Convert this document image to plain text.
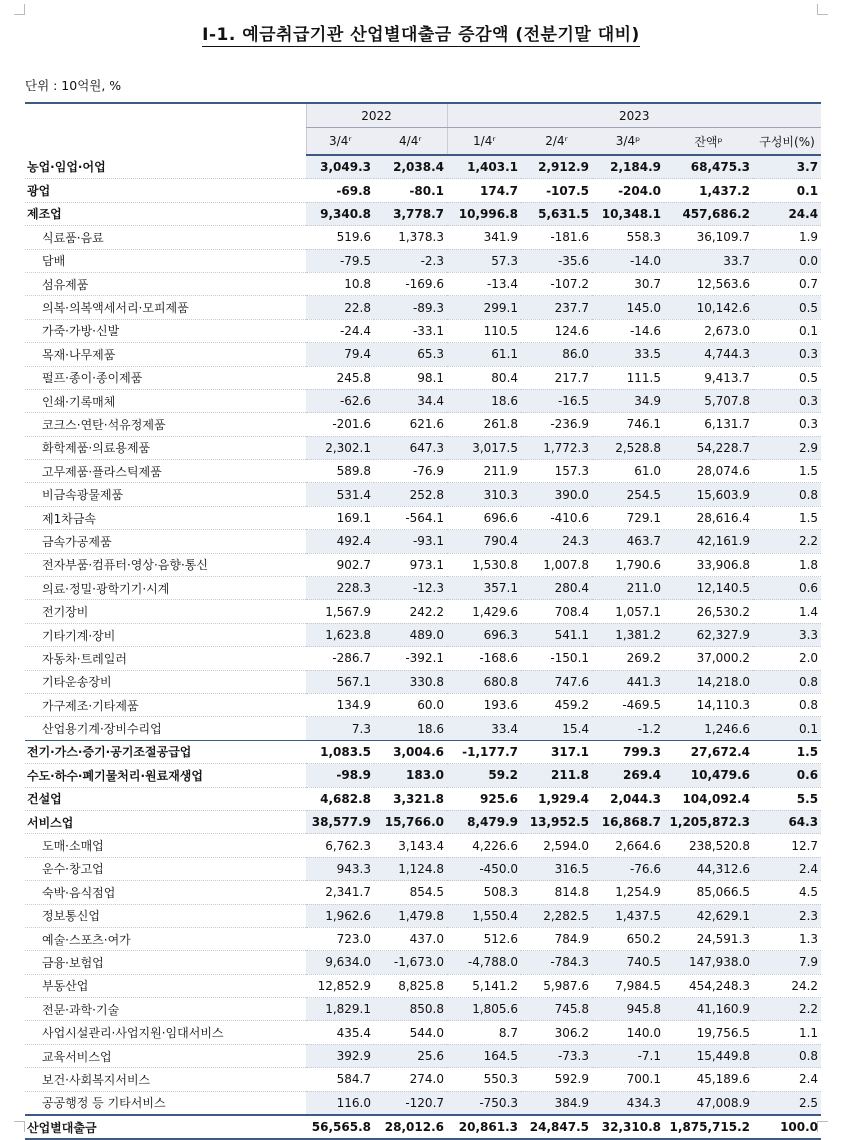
Ⅰ-1. 예금취급기관 산업별대출금 증감액 (전분기말 대비)
단위 : 10억원, %
	2022		2023				
	3/4ʳ	4/4ʳ	1/4ʳ	2/4ʳ	3/4ᵖ	잔액ᵖ	구성비(%)
농업·임업·어업	3,049.3	2,038.4	1,403.1	2,912.9	2,184.9	68,475.3	3.7
광업	-69.8	-80.1	174.7	-107.5	-204.0	1,437.2	0.1
제조업	9,340.8	3,778.7	10,996.8	5,631.5	10,348.1	457,686.2	24.4
식료품·음료	519.6	1,378.3	341.9	-181.6	558.3	36,109.7	1.9
담배	-79.5	-2.3	57.3	-35.6	-14.0	33.7	0.0
섬유제품	10.8	-169.6	-13.4	-107.2	30.7	12,563.6	0.7
의복·의복액세서리·모피제품	22.8	-89.3	299.1	237.7	145.0	10,142.6	0.5
가죽·가방·신발	-24.4	-33.1	110.5	124.6	-14.6	2,673.0	0.1
목재·나무제품	79.4	65.3	61.1	86.0	33.5	4,744.3	0.3
펄프·종이·종이제품	245.8	98.1	80.4	217.7	111.5	9,413.7	0.5
인쇄·기록매체	-62.6	34.4	18.6	-16.5	34.9	5,707.8	0.3
코크스·연탄·석유정제품	-201.6	621.6	261.8	-236.9	746.1	6,131.7	0.3
화학제품·의료용제품	2,302.1	647.3	3,017.5	1,772.3	2,528.8	54,228.7	2.9
고무제품·플라스틱제품	589.8	-76.9	211.9	157.3	61.0	28,074.6	1.5
비금속광물제품	531.4	252.8	310.3	390.0	254.5	15,603.9	0.8
제1차금속	169.1	-564.1	696.6	-410.6	729.1	28,616.4	1.5
금속가공제품	492.4	-93.1	790.4	24.3	463.7	42,161.9	2.2
전자부품·컴퓨터·영상·음향·통신	902.7	973.1	1,530.8	1,007.8	1,790.6	33,906.8	1.8
의료·정밀·광학기기·시계	228.3	-12.3	357.1	280.4	211.0	12,140.5	0.6
전기장비	1,567.9	242.2	1,429.6	708.4	1,057.1	26,530.2	1.4
기타기계·장비	1,623.8	489.0	696.3	541.1	1,381.2	62,327.9	3.3
자동차·트레일러	-286.7	-392.1	-168.6	-150.1	269.2	37,000.2	2.0
기타운송장비	567.1	330.8	680.8	747.6	441.3	14,218.0	0.8
가구제조·기타제품	134.9	60.0	193.6	459.2	-469.5	14,110.3	0.8
산업용기계·장비수리업	7.3	18.6	33.4	15.4	-1.2	1,246.6	0.1
전기·가스·증기·공기조절공급업	1,083.5	3,004.6	-1,177.7	317.1	799.3	27,672.4	1.5
수도·하수·폐기물처리·원료재생업	-98.9	183.0	59.2	211.8	269.4	10,479.6	0.6
건설업	4,682.8	3,321.8	925.6	1,929.4	2,044.3	104,092.4	5.5
서비스업	38,577.9	15,766.0	8,479.9	13,952.5	16,868.7	1,205,872.3	64.3
도매·소매업	6,762.3	3,143.4	4,226.6	2,594.0	2,664.6	238,520.8	12.7
운수·창고업	943.3	1,124.8	-450.0	316.5	-76.6	44,312.6	2.4
숙박·음식점업	2,341.7	854.5	508.3	814.8	1,254.9	85,066.5	4.5
정보통신업	1,962.6	1,479.8	1,550.4	2,282.5	1,437.5	42,629.1	2.3
예술·스포츠·여가	723.0	437.0	512.6	784.9	650.2	24,591.3	1.3
금융·보험업	9,634.0	-1,673.0	-4,788.0	-784.3	740.5	147,938.0	7.9
부동산업	12,852.9	8,825.8	5,141.2	5,987.6	7,984.5	454,248.3	24.2
전문·과학·기술	1,829.1	850.8	1,805.6	745.8	945.8	41,160.9	2.2
사업시설관리·사업지원·임대서비스	435.4	544.0	8.7	306.2	140.0	19,756.5	1.1
교육서비스업	392.9	25.6	164.5	-73.3	-7.1	15,449.8	0.8
보건·사회복지서비스	584.7	274.0	550.3	592.9	700.1	45,189.6	2.4
공공행정 등 기타서비스	116.0	-120.7	-750.3	384.9	434.3	47,008.9	2.5
산업별대출금	56,565.8	28,012.6	20,861.3	24,847.5	32,310.8	1,875,715.2	100.0
